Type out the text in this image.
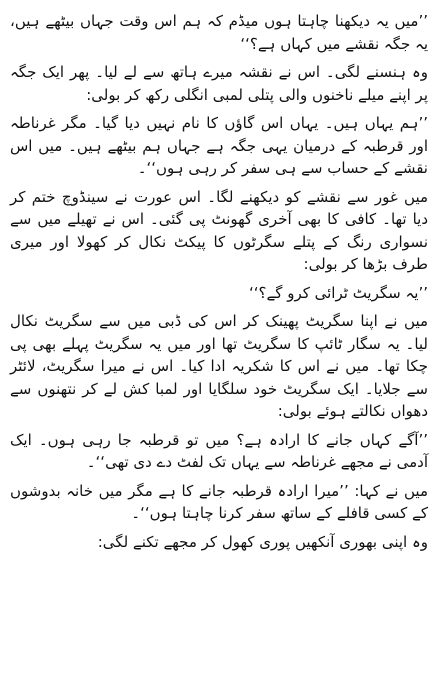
’’میں یہ دیکھنا چاہتا ہوں میڈم کہ ہم اس وقت جہاں بیٹھے ہیں، یہ جگہ نقشے میں کہاں ہے؟‘‘

وہ ہنسنے لگی۔ اس نے نقشہ میرے ہاتھ سے لے لیا۔ پھر ایک جگہ پر اپنے میلے ناخنوں والی پتلی لمبی انگلی رکھ کر بولی:

’’ہم یہاں ہیں۔ یہاں اس گاؤں کا نام نہیں دیا گیا۔ مگر غرناطہ اور قرطبہ کے درمیان یہی جگہ ہے جہاں ہم بیٹھے ہیں۔ میں اس نقشے کے حساب سے ہی سفر کر رہی ہوں‘‘۔

میں غور سے نقشے کو دیکھنے لگا۔ اس عورت نے سینڈوچ ختم کر دیا تھا۔ کافی کا بھی آخری گھونٹ پی گئی۔ اس نے تھیلے میں سے نسواری رنگ کے پتلے سگرٹوں کا پیکٹ نکال کر کھولا اور میری طرف بڑھا کر بولی:

’’یہ سگریٹ ٹرائی کرو گے؟‘‘

میں نے اپنا سگریٹ پھینک کر اس کی ڈبی میں سے سگریٹ نکال لیا۔ یہ سگار ٹائپ کا سگریٹ تھا اور میں یہ سگریٹ پہلے بھی پی چکا تھا۔ میں نے اس کا شکریہ ادا کیا۔ اس نے میرا سگریٹ، لائٹر سے جلایا۔ ایک سگریٹ خود سلگایا اور لمبا کش لے کر نتھنوں سے دھواں نکالتے ہوئے بولی:

’’آگے کہاں جانے کا ارادہ ہے؟ میں تو قرطبہ جا رہی ہوں۔ ایک آدمی نے مجھے غرناطہ سے یہاں تک لفٹ دے دی تھی‘‘۔

میں نے کہا: ’’میرا ارادہ قرطبہ جانے کا ہے مگر میں خانہ بدوشوں کے کسی قافلے کے ساتھ سفر کرنا چاہتا ہوں‘‘۔

وہ اپنی بھوری آنکھیں پوری کھول کر مجھے تکنے لگی:
